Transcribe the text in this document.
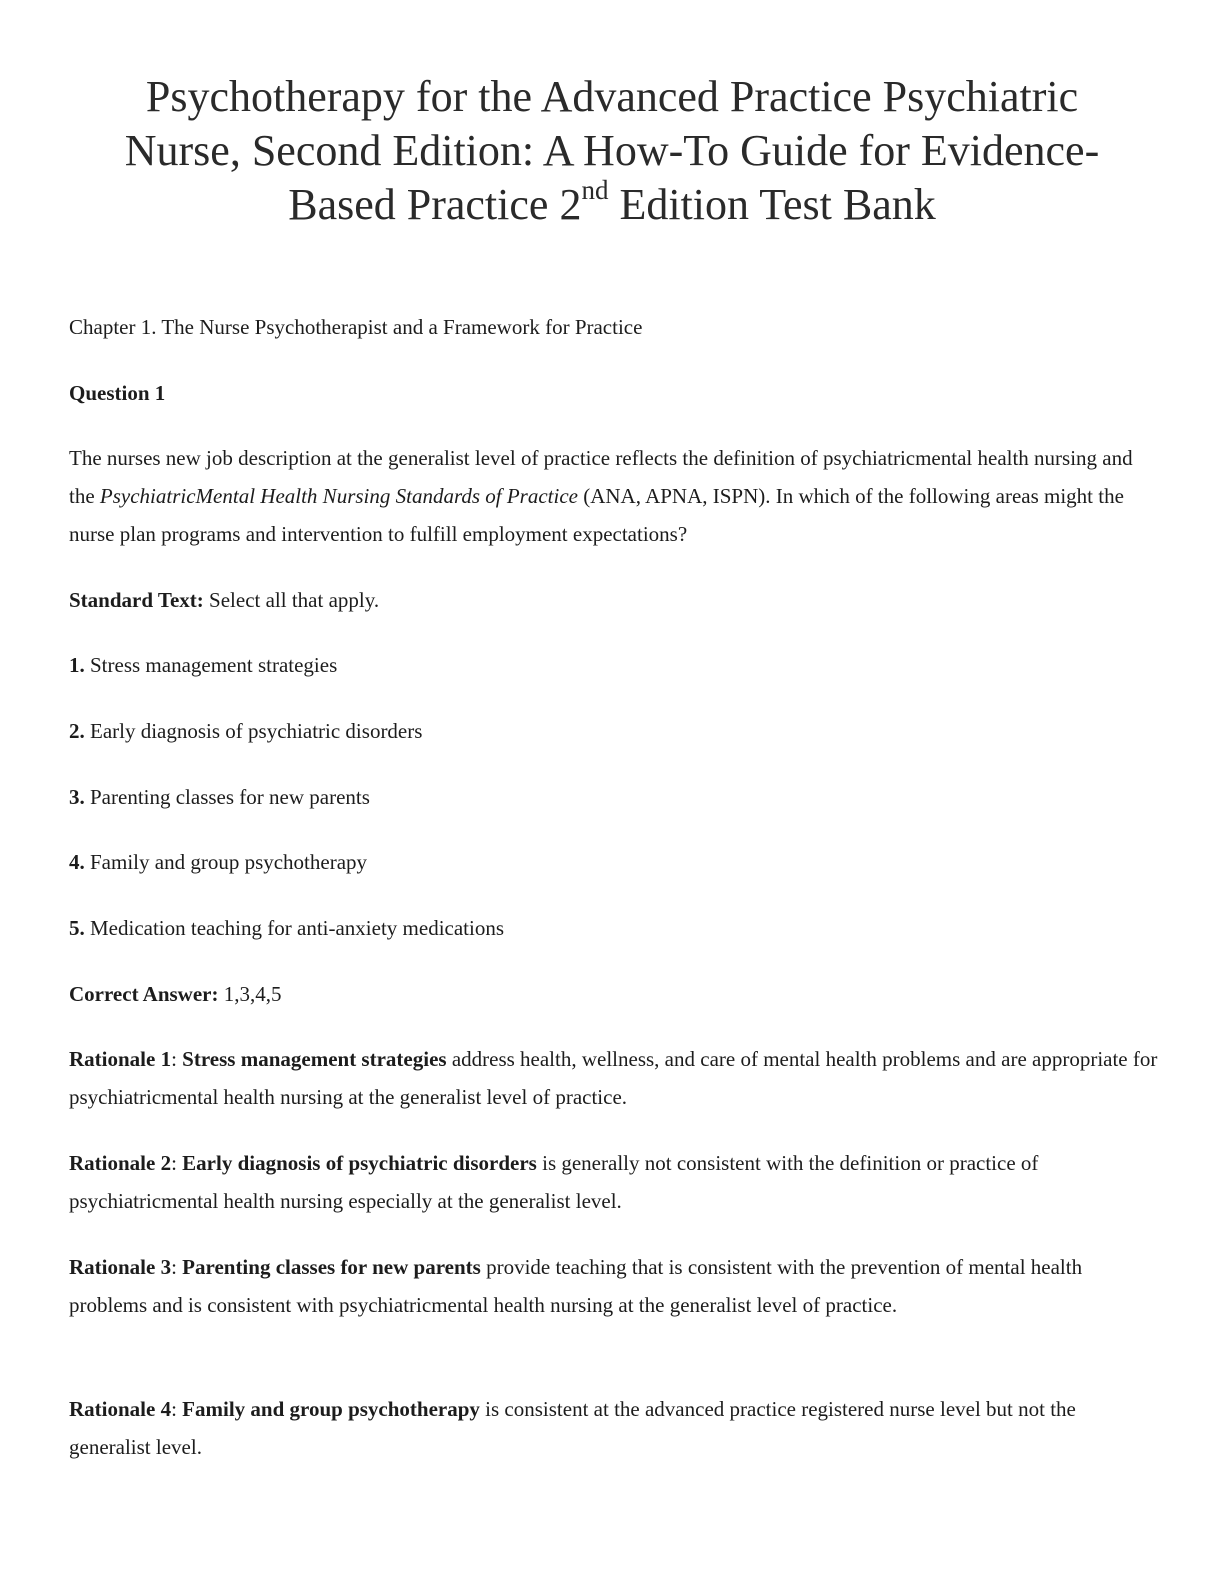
Psychotherapy for the Advanced Practice Psychiatric
Nurse, Second Edition: A How-To Guide for Evidence-
Based Practice 2nd Edition Test Bank

Chapter 1. The Nurse Psychotherapist and a Framework for Practice

Question 1

The nurses new job description at the generalist level of practice reflects the definition of psychiatricmental health nursing and the PsychiatricMental Health Nursing Standards of Practice (ANA, APNA, ISPN). In which of the following areas might the nurse plan programs and intervention to fulfill employment expectations?

Standard Text: Select all that apply.

1. Stress management strategies

2. Early diagnosis of psychiatric disorders

3. Parenting classes for new parents

4. Family and group psychotherapy

5. Medication teaching for anti-anxiety medications

Correct Answer: 1,3,4,5

Rationale 1: Stress management strategies address health, wellness, and care of mental health problems and are appropriate for psychiatricmental health nursing at the generalist level of practice.

Rationale 2: Early diagnosis of psychiatric disorders is generally not consistent with the definition or practice of psychiatricmental health nursing especially at the generalist level.

Rationale 3: Parenting classes for new parents provide teaching that is consistent with the prevention of mental health problems and is consistent with psychiatricmental health nursing at the generalist level of practice.

Rationale 4: Family and group psychotherapy is consistent at the advanced practice registered nurse level but not the generalist level.
